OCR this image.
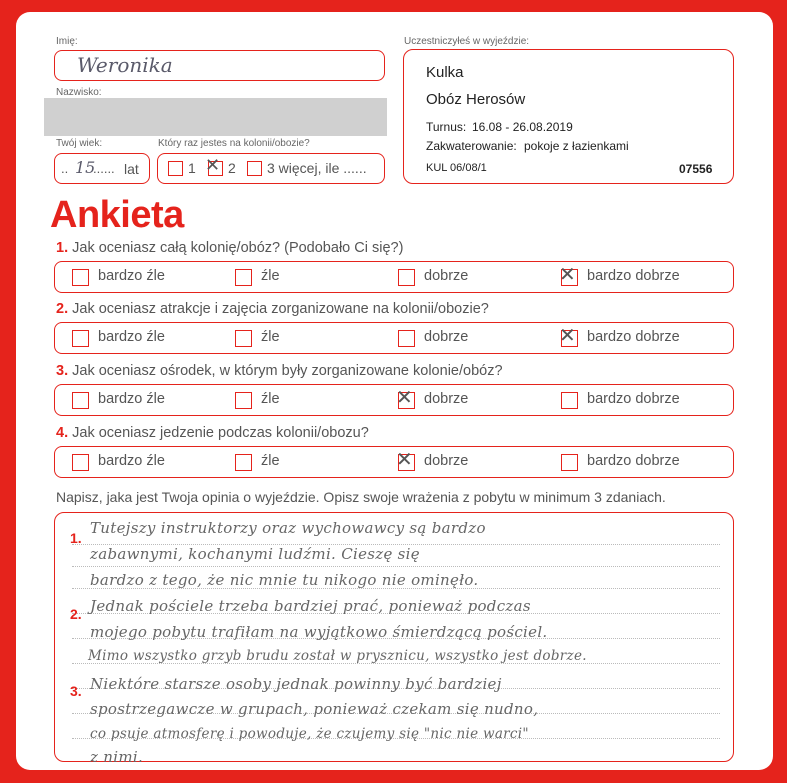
Imię:
Weronika
Nazwisko:
Twój wiek:
.. 15
...... lat
Który raz jestes na kolonii/obozie?
1 ✕ 2 3 więcej, ile ......
Uczestniczyłeś w wyjeździe:
Kulka
Obóz Herosów
Turnus: 16.08 - 26.08.2019
Zakwaterowanie: pokoje z łazienkami
KUL 06/08/1	07556
Ankieta
1. Jak oceniasz całą kolonię/obóz? (Podobało Ci się?)
bardzo źle	źle	dobrze	✕ bardzo dobrze
2. Jak oceniasz atrakcje i zajęcia zorganizowane na kolonii/obozie?
bardzo źle	źle	dobrze	✕ bardzo dobrze
3. Jak oceniasz ośrodek, w którym były zorganizowane kolonie/obóz?
bardzo źle	źle	✕ dobrze	bardzo dobrze
4. Jak oceniasz jedzenie podczas kolonii/obozu?
bardzo źle	źle	✕ dobrze	bardzo dobrze
Napisz, jaka jest Twoja opinia o wyjeździe. Opisz swoje wrażenia z pobytu w minimum 3 zdaniach.
1.
2.
3.
Tutejszy instruktorzy oraz wychowawcy są bardzo
zabawnymi, kochanymi ludźmi. Cieszę się
bardzo z tego, że nic mnie tu nikogo nie ominęło.
Jednak pościele trzeba bardziej prać, ponieważ podczas
mojego pobytu trafiłam na wyjątkowo śmierdzącą pościel.
Mimo wszystko grzyb brudu został w prysznicu, wszystko jest dobrze.
Niektóre starsze osoby jednak powinny być bardziej
spostrzegawcze w grupach, ponieważ czekam się nudno,
co psuje atmosferę i powoduje, że czujemy się "nic nie warci"
z nimi.
